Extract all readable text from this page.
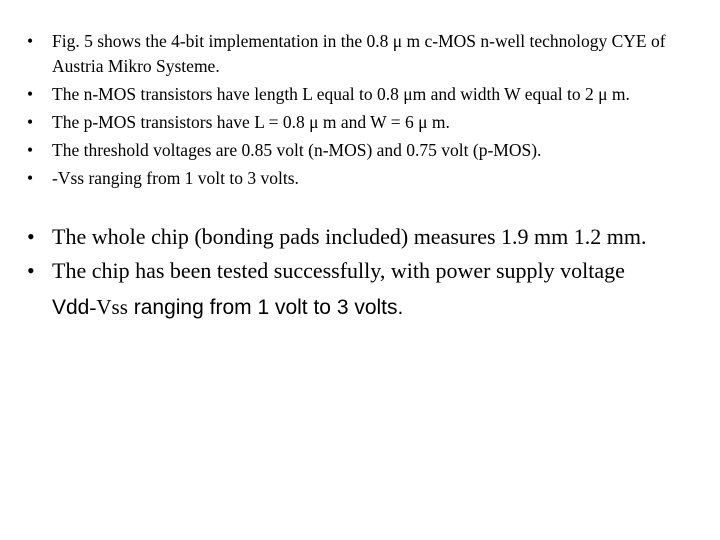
• Fig. 5 shows the 4-bit implementation in the 0.8 μ m c-MOS n-well technology CYE of Austria Mikro Systeme.
• The n-MOS transistors have length L equal to 0.8 μm and width W equal to 2 μ m.
• The p-MOS transistors have L = 0.8 μ m and W = 6 μ m.
• The threshold voltages are 0.85 volt (n-MOS) and 0.75 volt (p-MOS).
• -Vss ranging from 1 volt to 3 volts.
• The whole chip (bonding pads included) measures 1.9 mm 1.2 mm.
• The chip has been tested successfully, with power supply voltage
Vdd-Vss ranging from 1 volt to 3 volts.
